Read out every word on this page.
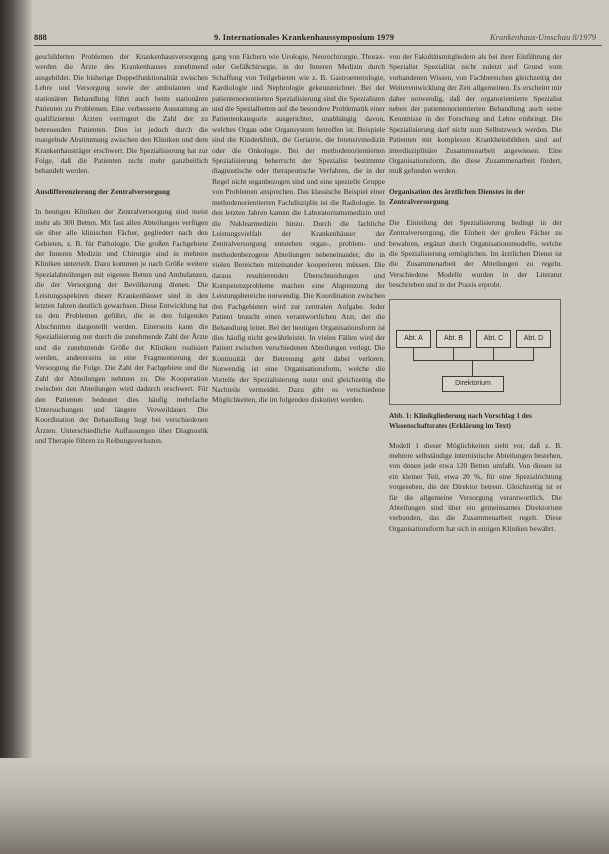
888	9. Internationales Krankenhaussymposium 1979	Krankenhaus-Umschau 8/1979

geschilderten Problemen der Krankenhausversorgung werden die Ärzte des Krankenhauses zunehmend ausgebildet. Die bisherige Doppelfunktionalität zwischen Lehre und Versorgung sowie der ambulanten und stationären Behandlung führt auch beim stationären Patienten zu Problemen. Eine verbesserte Ausstattung an qualifizierten Ärzten verringert die Zahl der zu betreuenden Patienten. Dies ist jedoch durch die mangelnde Abstimmung zwischen den Kliniken und dem Krankenhausträger erschwert. Die Spezialisierung hat zur Folge, daß die Patienten nicht mehr ganzheitlich behandelt werden.

Ausdifferenzierung der Zentralversorgung

In heutigen Kliniken der Zentralversorgung sind meist mehr als 300 Betten. Mit fast allen Abteilungen verfügen sie über alle klinischen Fächer, gegliedert nach den Gebieten, z. B. für Pathologie. Die großen Fachgebiete der Inneren Medizin und Chirurgie sind in mehrere Kliniken unterteilt. Dazu kommen je nach Größe weitere Spezialabteilungen mit eigenen Betten und Ambulanzen, die der Versorgung der Bevölkerung dienen. Die Leistungsspektren dieser Krankenhäuser sind in den letzten Jahren deutlich gewachsen. Diese Entwicklung hat zu den Problemen geführt, die in den folgenden Abschnitten dargestellt werden. Einerseits kann die Spezialisierung nur durch die zunehmende Zahl der Ärzte und die zunehmende Größe der Kliniken realisiert werden, andererseits ist eine Fragmentierung der Versorgung die Folge. Die Zahl der Fachgebiete und die Zahl der Abteilungen nehmen zu. Die Kooperation zwischen den Abteilungen wird dadurch erschwert. Für den Patienten bedeutet dies häufig mehrfache Untersuchungen und längere Verweildauer. Die Koordination der Behandlung liegt bei verschiedenen Ärzten. Unterschiedliche Auffassungen über Diagnostik und Therapie führen zu Reibungsverlusten.

gang von Fächern wie Urologie, Neurochirurgie, Thorax- oder Gefäßchirurgie, in der Inneren Medizin durch Schaffung von Teilgebieten wie z. B. Gastroenterologie, Kardiologie und Nephrologie gekennzeichnet. Bei der patientenorientierten Spezialisierung sind die Spezialisten und die Spezialbetten auf die besondere Problematik einer Patientenkategorie ausgerichtet, unabhängig davon, welches Organ oder Organsystem betroffen ist. Beispiele sind die Kinderklinik, die Geriatrie, die Intensivmedizin oder die Onkologie. Bei der methodenorientierten Spezialisierung beherrscht der Spezialist bestimmte diagnostische oder therapeutische Verfahren, die in der Regel nicht organbezogen sind und eine spezielle Gruppe von Problemen ansprechen. Das klassische Beispiel einer methodenorientierten Fachdisziplin ist die Radiologie. In den letzten Jahren kamen die Laboratoriumsmedizin und die Nuklearmedizin hinzu. Durch die fachliche Leistungsvielfalt der Krankenhäuser der Zentralversorgung entstehen organ-, problem- und methodenbezogene Abteilungen nebeneinander, die in vielen Bereichen miteinander kooperieren müssen. Die daraus resultierenden Überschneidungen und Kompetenzprobleme machen eine Abgrenzung der Leistungsbereiche notwendig. Die Koordination zwischen den Fachgebieten wird zur zentralen Aufgabe. Jeder Patient braucht einen verantwortlichen Arzt, der die Behandlung leitet. Bei der heutigen Organisationsform ist dies häufig nicht gewährleistet. In vielen Fällen wird der Patient zwischen verschiedenen Abteilungen verlegt. Die Kontinuität der Betreuung geht dabei verloren. Notwendig ist eine Organisationsform, welche die Vorteile der Spezialisierung nutzt und gleichzeitig die Nachteile vermeidet. Dazu gibt es verschiedene Möglichkeiten, die im folgenden diskutiert werden.

von der Fakultätsmitgliedern als bei ihrer Einführung der Spezialist Spezialität nicht zuletzt auf Grund vom vorhandenen Wissen, von Fachbereichen gleichzeitig der Weiterentwicklung der Zeit allgemeinen. Es erscheint mir daher notwendig, daß der organorientierte Spezialist neben der patientenorientierten Behandlung auch seine Kenntnisse in der Forschung und Lehre einbringt. Die Spezialisierung darf nicht zum Selbstzweck werden. Die Patienten mit komplexen Krankheitsbildern sind auf interdisziplinäre Zusammenarbeit angewiesen. Eine Organisationsform, die diese Zusammenarbeit fördert, muß gefunden werden.

Organisation des ärztlichen Dienstes in der Zentralversorgung

Die Einteilung der Spezialisierung bedingt in der Zentralversorgung, die Einheit der großen Fächer zu bewahren, ergänzt durch Organisationsmodelle, welche die Spezialisierung ermöglichen. Im ärztlichen Dienst ist die Zusammenarbeit der Abteilungen zu regeln. Verschiedene Modelle wurden in der Literatur beschrieben und in der Praxis erprobt.

Abt. A	Abt. B	Abt. C	Abt. D
Direktorium
Abb. 1: Klinikgliederung nach Vorschlag 1 des Wissenschaftsrates (Erklärung im Text)

Modell 1 dieser Möglichkeiten sieht vor, daß z. B. mehrere selbständige internistische Abteilungen bestehen, von denen jede etwa 120 Betten umfaßt. Von diesen ist ein kleiner Teil, etwa 20 %, für eine Spezialrichtung vorgesehen, die der Direktor betreut. Gleichzeitig ist er für die allgemeine Versorgung verantwortlich. Die Abteilungen sind über ein gemeinsames Direktorium verbunden, das die Zusammenarbeit regelt. Diese Organisationsform hat sich in einigen Kliniken bewährt.
